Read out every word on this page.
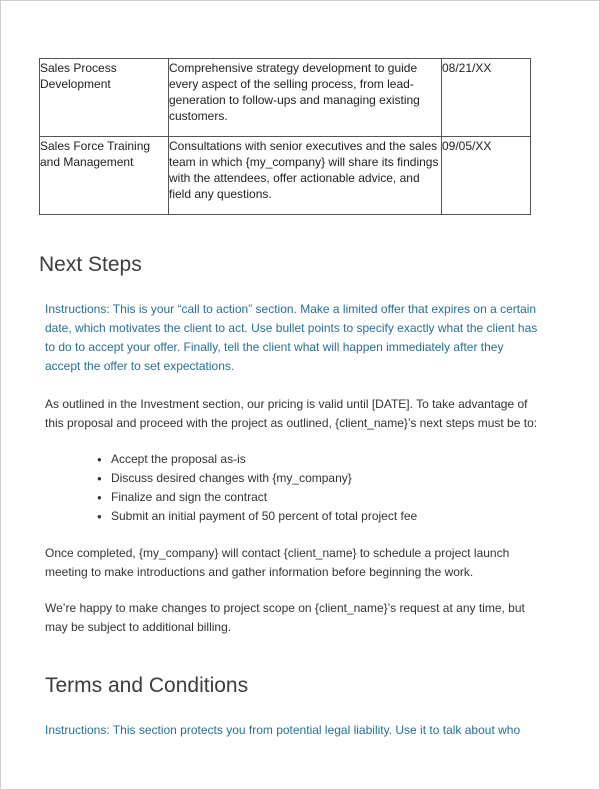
Sales Process Development	Comprehensive strategy development to guide every aspect of the selling process, from lead-generation to follow-ups and managing existing customers.	08/21/XX
Sales Force Training and Management	Consultations with senior executives and the sales team in which {my_company} will share its findings with the attendees, offer actionable advice, and field any questions.	09/05/XX
Next Steps

Instructions: This is your “call to action” section. Make a limited offer that expires on a certain date, which motivates the client to act. Use bullet points to specify exactly what the client has to do to accept your offer. Finally, tell the client what will happen immediately after they accept the offer to set expectations.

As outlined in the Investment section, our pricing is valid until [DATE]. To take advantage of this proposal and proceed with the project as outlined, {client_name}’s next steps must be to:

● Accept the proposal as-is
● Discuss desired changes with {my_company}
● Finalize and sign the contract
● Submit an initial payment of 50 percent of total project fee

Once completed, {my_company} will contact {client_name} to schedule a project launch meeting to make introductions and gather information before beginning the work.

We’re happy to make changes to project scope on {client_name}’s request at any time, but may be subject to additional billing.

Terms and Conditions

Instructions: This section protects you from potential legal liability. Use it to talk about who
